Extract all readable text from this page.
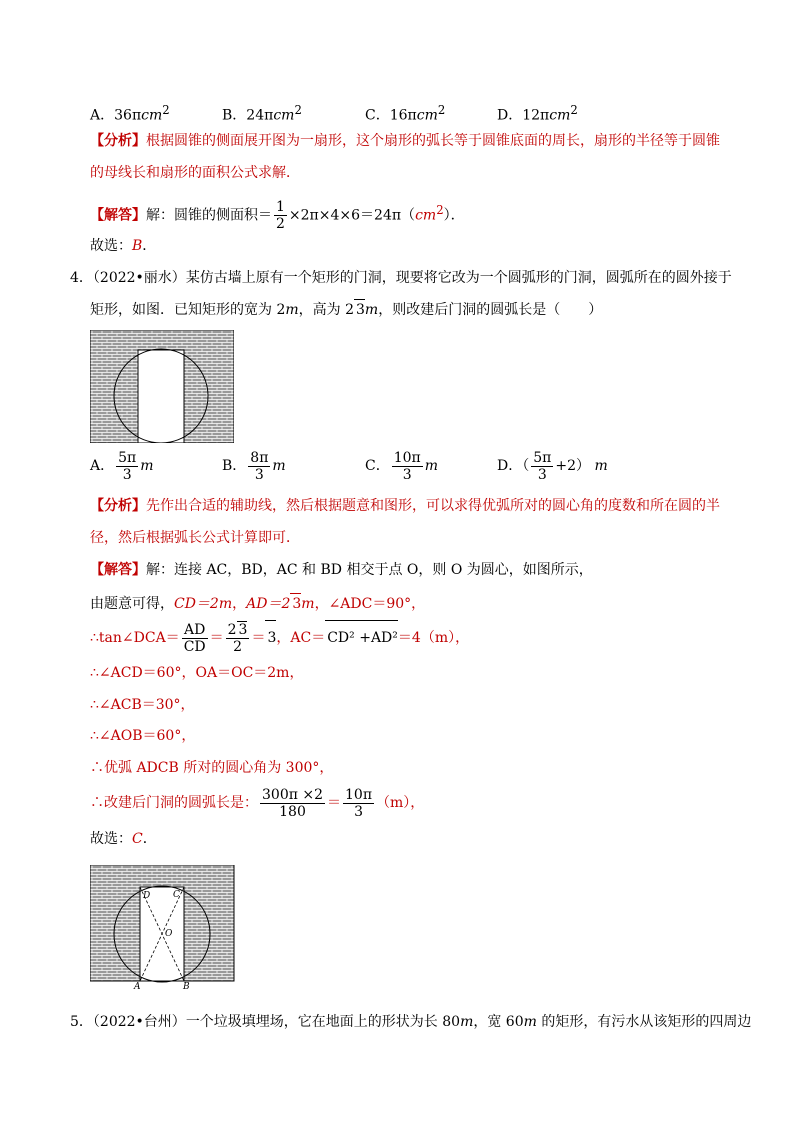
A．36πcm$^2$	B．24πcm$^2$	C．16πcm$^2$	D．12πcm$^2$
【分析】根据圆锥的侧面展开图为一扇形，这个扇形的弧长等于圆锥底面的周长，扇形的半径等于圆锥
的母线长和扇形的面积公式求解．
【解答】解：圆锥的侧面积＝ $\frac{1}{2} \times 2\pi\times 4\times 6=24\pi(cm^2)$．
故选：B．
4．（2022•丽水）某仿古墙上原有一个矩形的门洞，现要将它改为一个圆弧形的门洞，圆弧所在的圆外接于
矩形，如图．已知矩形的宽为 2m，高为 2 3m，则改建后门洞的圆弧长是（　　）
A． $\frac{5\pi}{3}$ m	B． $\frac{8\pi}{3}$ m	C． $\frac{10\pi}{3}$ m	D．（ $\frac{5\pi}{3} +2$） m
【分析】先作出合适的辅助线，然后根据题意和图形，可以求得优弧所对的圆心角的度数和所在圆的半
径，然后根据弧长公式计算即可．
【解答】解：连接 AC，BD，AC 和 BD 相交于点 O，则 O 为圆心，如图所示，
由题意可得，CD＝2m，AD＝2 3m，∠ADC＝90°，
∴tan∠DCA＝ $\frac{AD}{CD} = \frac{2 3}{2} = 3$，AC＝ CD² +AD²＝4（m），
∴∠ACD＝60°，OA＝OC＝2m，
∴∠ACB＝30°，
∴∠AOB＝60°，
∴优弧 ADCB 所对的圆心角为 300°，
∴改建后门洞的圆弧长是： $\frac{300\pi \times 2}{180} = \frac{10\pi}{3} (m)$，
故选：C．
D	C
O
A	B
5．（2022•台州）一个垃圾填埋场，它在地面上的形状为长 80m，宽 60m 的矩形，有污水从该矩形的四周边
